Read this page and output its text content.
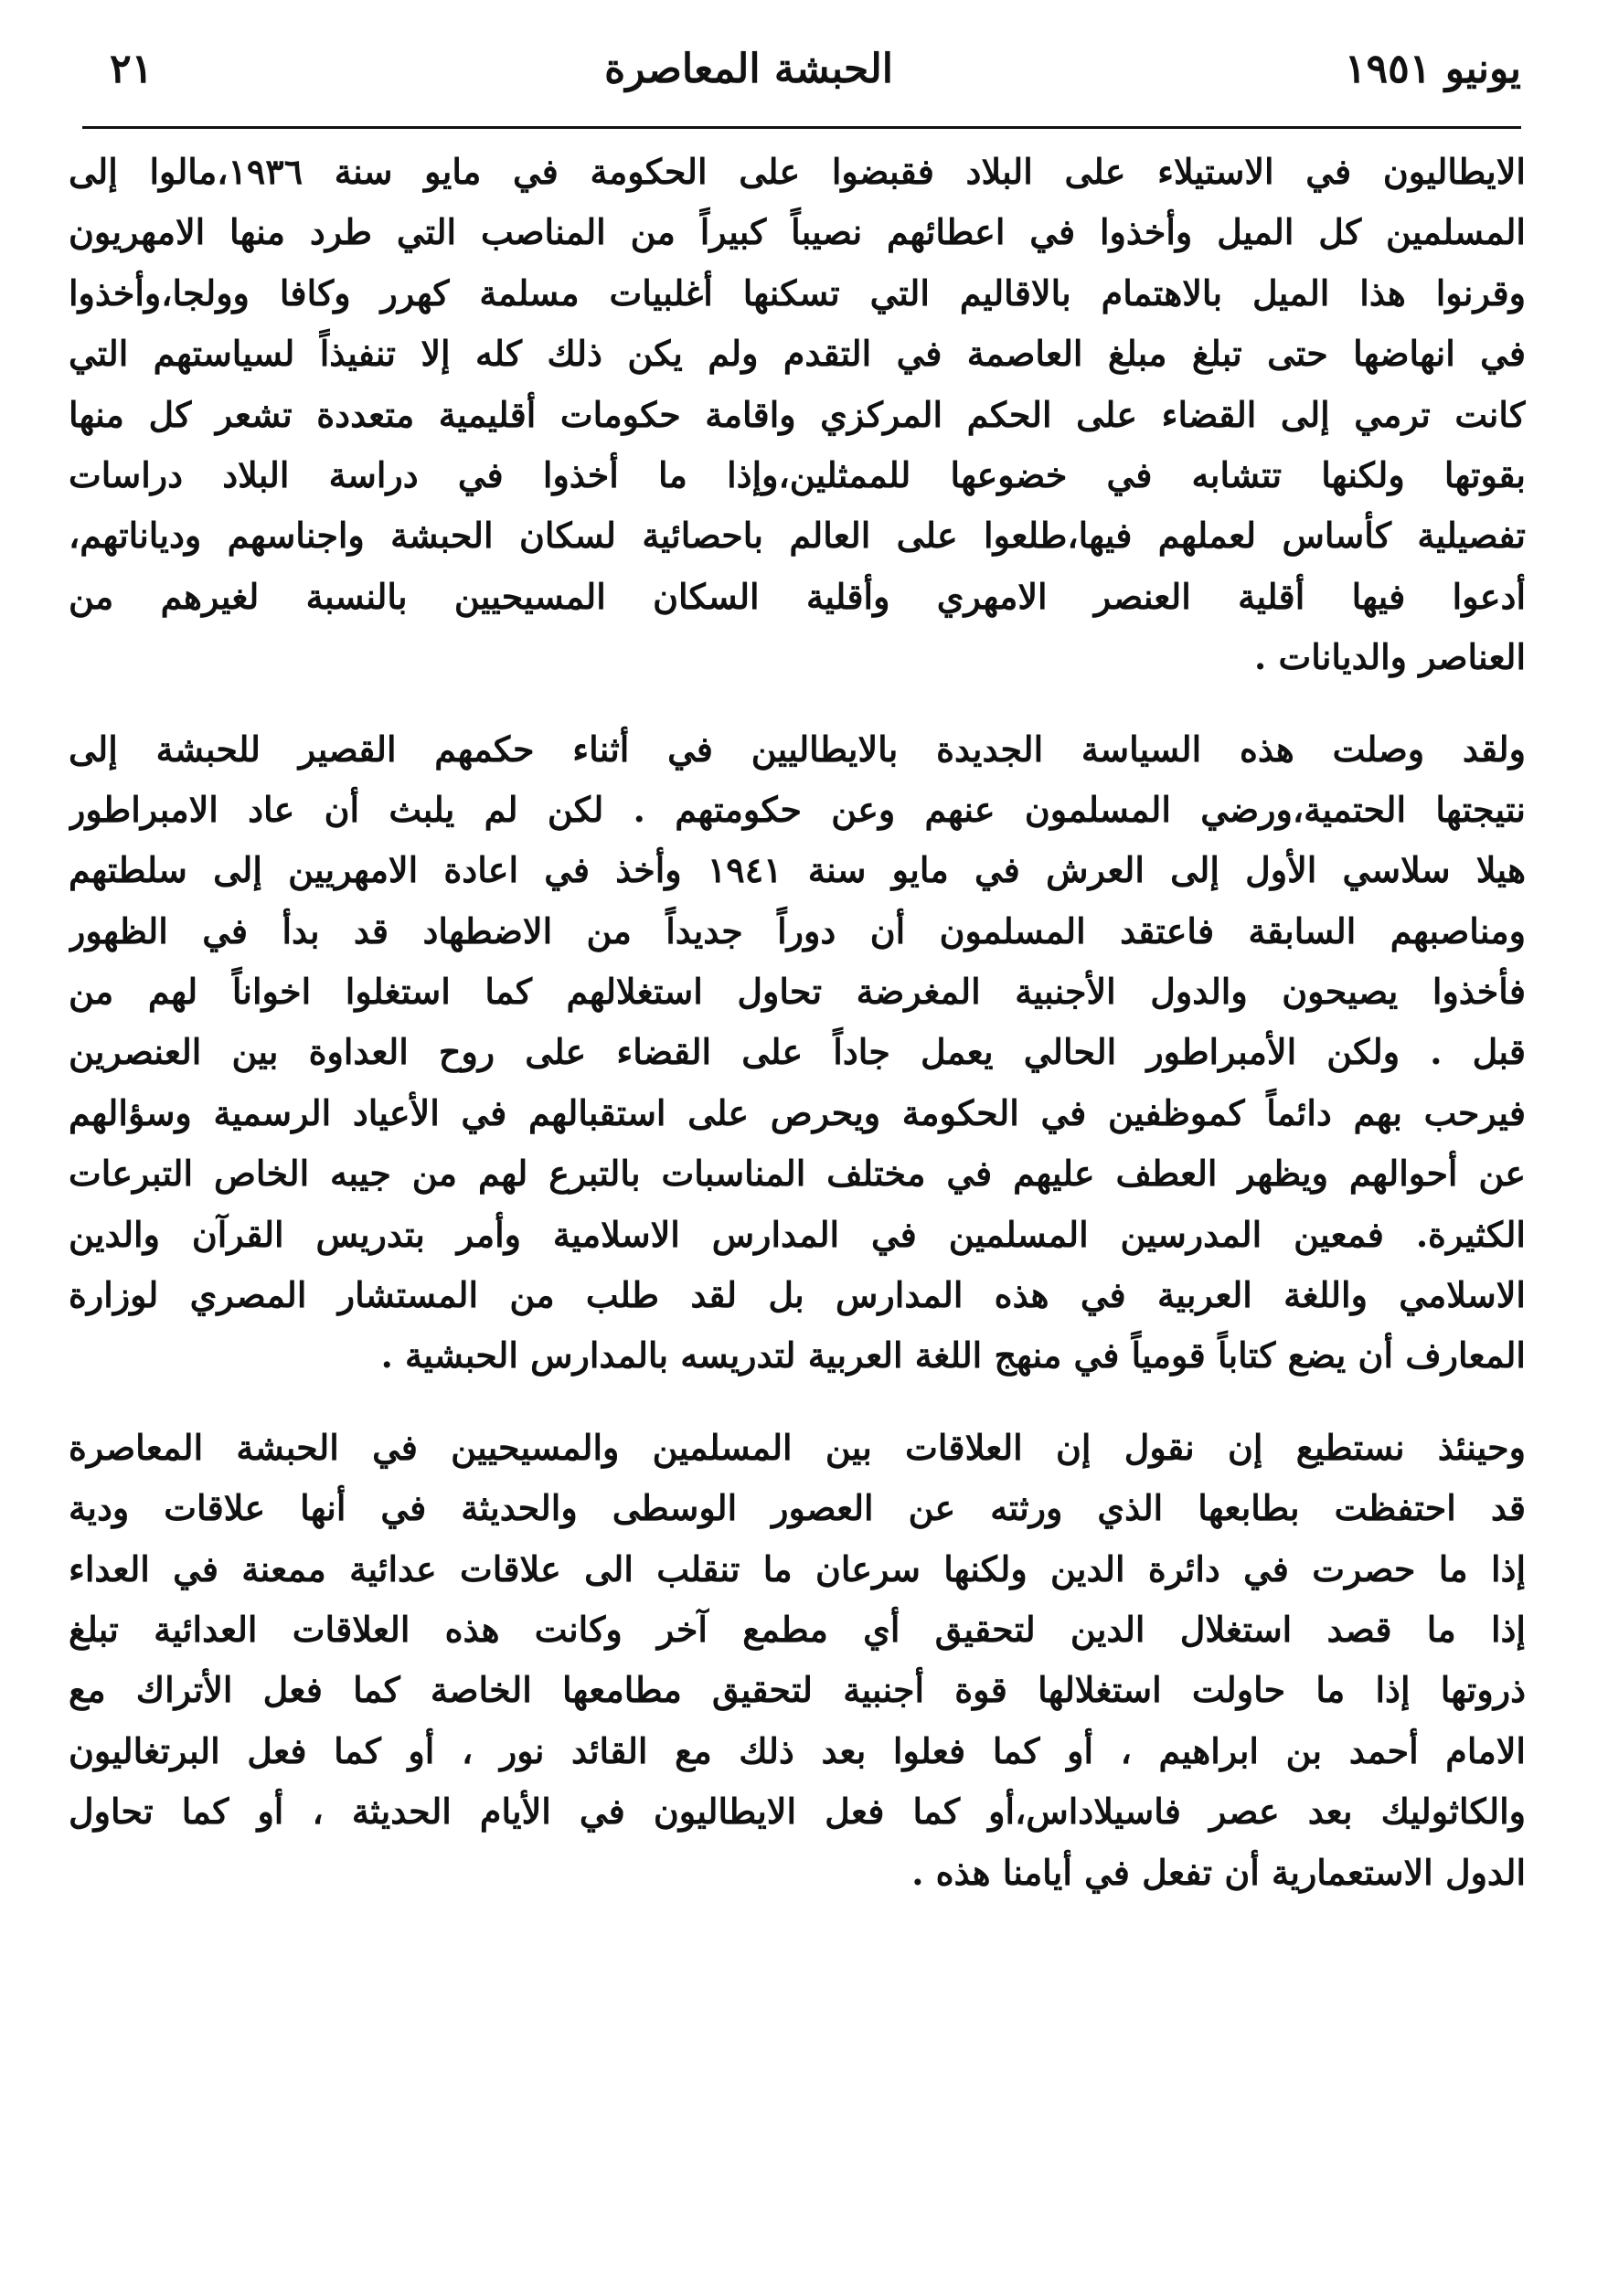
يونيو ١٩٥١
الحبشة المعاصرة
٢١
الايطاليون في الاستيلاء على البلاد فقبضوا على الحكومة في مايو سنة ١٩٣٦،مالوا إلى
المسلمين كل الميل وأخذوا في اعطائهم نصيباً كبيراً من المناصب التي طرد منها الامهريون
وقرنوا هذا الميل بالاهتمام بالاقاليم التي تسكنها أغلبيات مسلمة كهرر وكافا وولجا،وأخذوا
في انهاضها حتى تبلغ مبلغ العاصمة في التقدم ولم يكن ذلك كله إلا تنفيذاً لسياستهم التي
كانت ترمي إلى القضاء على الحكم المركزي واقامة حكومات أقليمية متعددة تشعر كل منها
بقوتها ولكنها تتشابه في خضوعها للممثلين،وإذا ما أخذوا في دراسة البلاد دراسات
تفصيلية كأساس لعملهم فيها،طلعوا على العالم باحصائية لسكان الحبشة واجناسهم ودياناتهم،
أدعوا فيها أقلية العنصر الامهري وأقلية السكان المسيحيين بالنسبة لغيرهم من
العناصر والديانات .
ولقد وصلت هذه السياسة الجديدة بالايطاليين في أثناء حكمهم القصير للحبشة إلى
نتيجتها الحتمية،ورضي المسلمون عنهم وعن حكومتهم . لكن لم يلبث أن عاد الامبراطور
هيلا سلاسي الأول إلى العرش في مايو سنة ١٩٤١ وأخذ في اعادة الامهريين إلى سلطتهم
ومناصبهم السابقة فاعتقد المسلمون أن دوراً جديداً من الاضطهاد قد بدأ في الظهور
فأخذوا يصيحون والدول الأجنبية المغرضة تحاول استغلالهم كما استغلوا اخواناً لهم من
قبل . ولكن الأمبراطور الحالي يعمل جاداً على القضاء على روح العداوة بين العنصرين
فيرحب بهم دائماً كموظفين في الحكومة ويحرص على استقبالهم في الأعياد الرسمية وسؤالهم
عن أحوالهم ويظهر العطف عليهم في مختلف المناسبات بالتبرع لهم من جيبه الخاص التبرعات
الكثيرة. فمعين المدرسين المسلمين في المدارس الاسلامية وأمر بتدريس القرآن والدين
الاسلامي واللغة العربية في هذه المدارس بل لقد طلب من المستشار المصري لوزارة
المعارف أن يضع كتاباً قومياً في منهج اللغة العربية لتدريسه بالمدارس الحبشية .
وحينئذ نستطيع إن نقول إن العلاقات بين المسلمين والمسيحيين في الحبشة المعاصرة
قد احتفظت بطابعها الذي ورثته عن العصور الوسطى والحديثة في أنها علاقات ودية
إذا ما حصرت في دائرة الدين ولكنها سرعان ما تنقلب الى علاقات عدائية ممعنة في العداء
إذا ما قصد استغلال الدين لتحقيق أي مطمع آخر وكانت هذه العلاقات العدائية تبلغ
ذروتها إذا ما حاولت استغلالها قوة أجنبية لتحقيق مطامعها الخاصة كما فعل الأتراك مع
الامام أحمد بن ابراهيم ، أو كما فعلوا بعد ذلك مع القائد نور ، أو كما فعل البرتغاليون
والكاثوليك بعد عصر فاسيلاداس،أو كما فعل الايطاليون في الأيام الحديثة ، أو كما تحاول
الدول الاستعمارية أن تفعل في أيامنا هذه .
